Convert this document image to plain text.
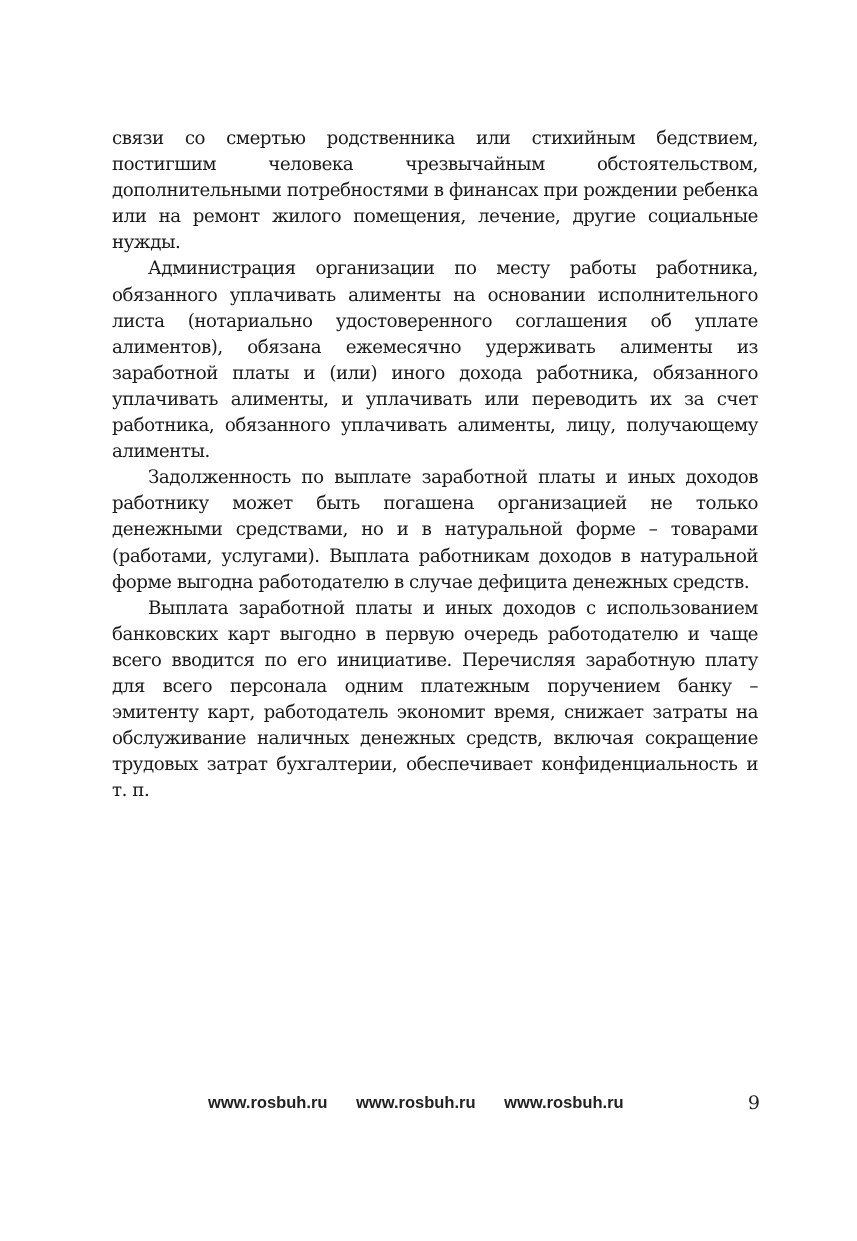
связи со смертью родственника или стихийным бедствием, постигшим человека чрезвычайным обстоятельством, дополнительными потребностями в финансах при рождении ребенка или на ремонт жилого помещения, лечение, другие социальные нужды.

Администрация организации по месту работы работника, обязанного уплачивать алименты на основании исполнительного листа (нотариально удостоверенного соглашения об уплате алиментов), обязана ежемесячно удерживать алименты из заработной платы и (или) иного дохода работника, обязанного уплачивать алименты, и уплачивать или переводить их за счет работника, обязанного уплачивать алименты, лицу, получающему алименты.

Задолженность по выплате заработной платы и иных доходов работнику может быть погашена организацией не только денежными средствами, но и в натуральной форме – товарами (работами, услугами). Выплата работникам доходов в натуральной форме выгодна работодателю в случае дефицита денежных средств.

Выплата заработной платы и иных доходов с использованием банковских карт выгодно в первую очередь работодателю и чаще всего вводится по его инициативе. Перечисляя заработную плату для всего персонала одним платежным поручением банку – эмитенту карт, работодатель экономит время, снижает затраты на обслуживание наличных денежных средств, включая сокращение трудовых затрат бухгалтерии, обеспечивает конфиденциальность и т. п.

www.rosbuh.ru www.rosbuh.ru www.rosbuh.ru	9
